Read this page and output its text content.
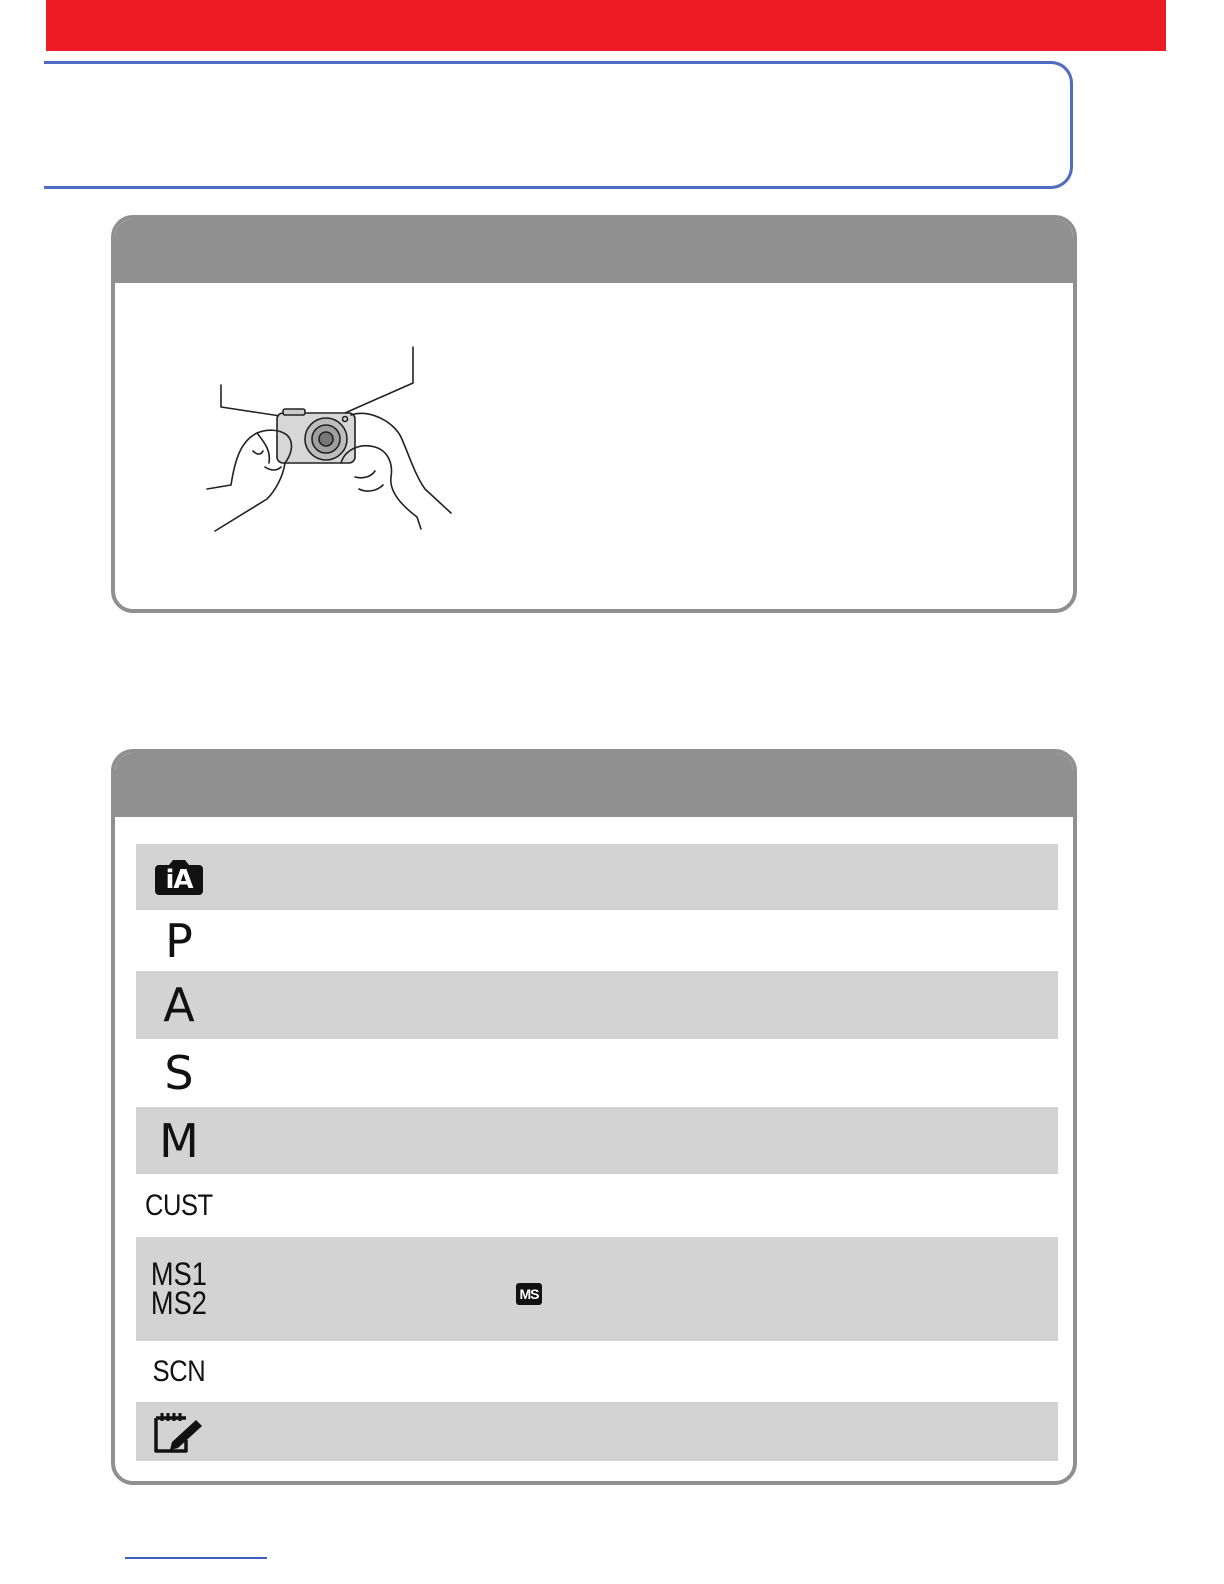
iA
P
A
S
M
CUST
MS1
MS2	MS
SCN
